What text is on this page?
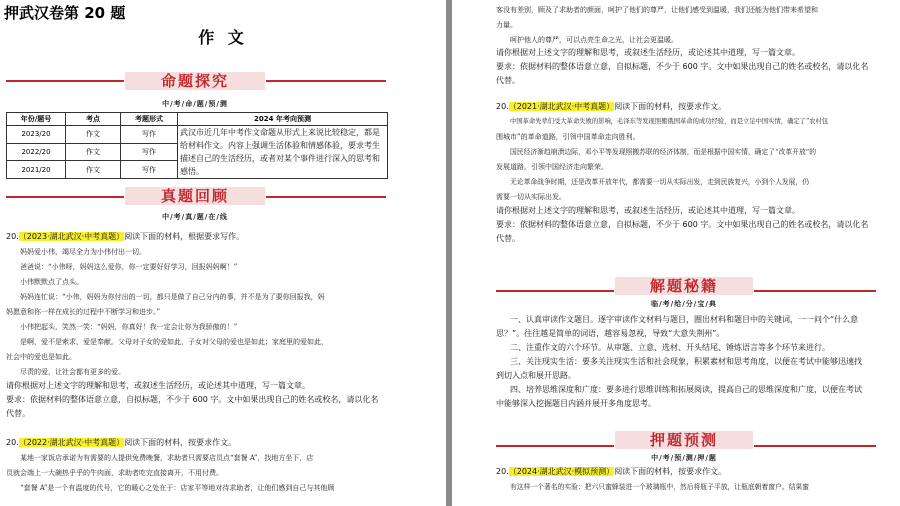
押武汉卷第 20 题
作 文
命题探究
中/考/命/题/预/测
年份/题号	考点	考题形式	2024 年考向预测
2023/20	作文	写作	武汉市近几年中考作文命题从形式上来说比较稳定，都是给材料作文。内容上强调生活体验和情感体验，要求考生描述自己的生活经历，或者对某个事件进行深入的思考和感悟。
2022/20	作文	写作	
2021/20	作文	写作	
真题回顾
中/考/真/题/在/线
20.（2023·湖北武汉·中考真题）阅读下面的材料，根据要求写作。
妈妈爱小伟，竭尽全力为小伟付出一切。
爸爸说：“小伟呀，妈妈这么爱你，你一定要好好学习，回报妈妈啊！”
小伟默默点了点头。
妈妈连忙说：“小伟，妈妈为你付出的一切，都只是做了自己分内的事，并不是为了要你回报我，妈
妈愿意和你一样在成长的过程中不断学习和进步。”
小伟把起头，笑然一笑：“妈妈，你真好！我一定会让你为我骄傲的！”
是啊，爱不是索求，爱是奉献。父母对子女的爱如此，子女对父母的爱也是如此；家庭里的爱如此，
社会中的爱也是如此。
尽责的爱，让社会都有更多的爱。
请你根据对上述文字的理解和思考，或叙述生活经历，或论述其中道理，写一篇文章。
要求：依据材料的整体语意立意，自拟标题，不少于 600 字。文中如果出现自己的姓名或校名，请以化名
代替。
20.（2022·湖北武汉·中考真题）阅读下面的材料，按要求作文。
某地一家饭店承诺为有需要的人提供免费晚餐，求助者只需要店员点“套餐 A”，找地方坐下，店
员就会端上一大碗热乎乎的牛肉面，求助者吃完直接离开，不用付费。
“套餐 A”是一个有温度的代号，它的暖心之处在于：店家平等地对待求助者，让他们感到自己与其他顾
客没有差别，顾及了求助者的颜面，呵护了他们的尊严，让他们感受到温暖，我们还能为他们带来希望和
力量。
呵护他人的尊严，可以点亮生命之光，让社会更温暖。
请你根据对上述文字的理解和思考，或叙述生活经历，或论述其中道理，写一篇文章。
要求：依据材料的整体语意立意，自拟标题，不少于 600 字。文中如果出现自己的姓名或校名，请以化名
代替。
20.（2021·湖北武汉·中考真题）阅读下面的材料，按要求作文。
中国革命先辈们受大革命失败的影响，毛泽东等发现照搬俄国革命的成功经验，而是立足中国实情，确定了“农村包
围城市”的革命道路，引领中国革命走向胜利。
国民经济渐趋崩溃边际，邓小平等发现照搬苏联的经济体制，而是根据中国实情，确定了“改革开放”的
发展道路，引领中国经济走向繁荣。
无论革命战争时期，还是改革开放年代，都需要一切从实际出发，走到民族复兴，小到个人发展，仍
需要一切从实际出发。
请你根据对上述文字的理解和思考，或叙述生活经历，或论述其中道理，写一篇文章。
要求：依据材料的整体语意立意，自拟标题，不少于 600 字。文中如果出现自己的姓名或校名，请以化名
代替。
解题秘籍
临/考/给/分/宝/典
一、认真审读作文题目。逐字审读作文材料与题目，圈出材料和题目中的关键词，一一问个“什么意
思？”。往往越是简单的词语，越容易忽视，导致“大意失荆州”。
二、注重作文的六个环节。从审题、立意、选材、开头结尾、锤炼语言等多个环节来进行。
三、关注现实生活：要多关注现实生活和社会现象，积累素材和思考角度，以便在考试中能够迅速找
到切入点和展开思路。
四、培养思维深度和广度：要多进行思维训练和拓展阅读，提高自己的思维深度和广度，以便在考试
中能够深入挖掘题目内涵并展开多角度思考。
押题预测
中/考/预/测/押/题
20.（2024·湖北武汉·模拟预测）阅读下面的材料，按要求作文。
有这样一个著名的实验：把六只蜜蜂装进一个玻璃瓶中，然后将瓶子平放，让瓶底朝着窗户。结果蜜
